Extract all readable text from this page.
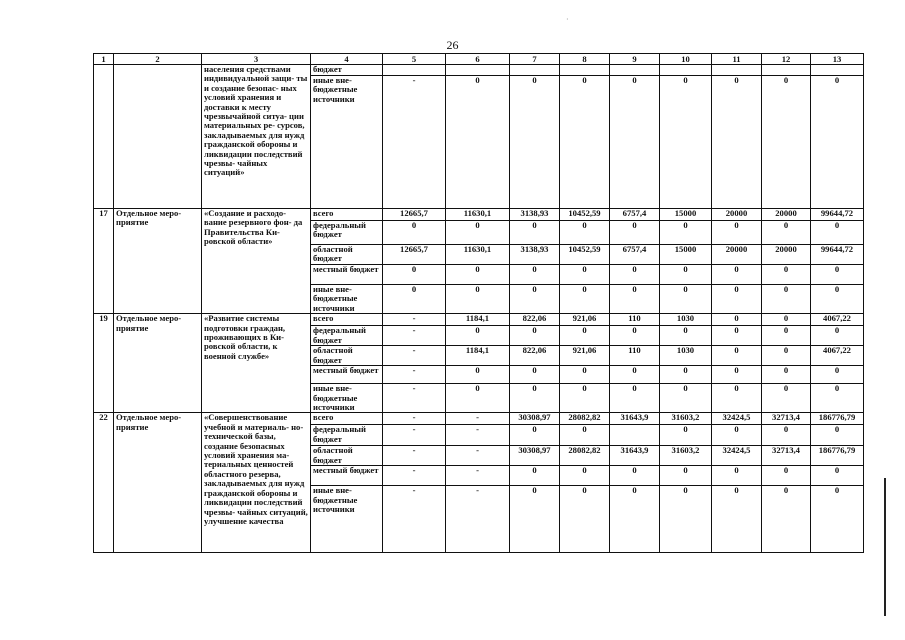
·
26
1	2	3	4	5	6	7	8	9	10	11	12	13
		населения средствами индивидуальной защи- ты и создание безопас- ных условий хранения и доставки к месту чрезвычайной ситуа- ции материальных ре- сурсов, закладываемых для нужд гражданской обороны и ликвидации последствий чрезвы- чайных ситуаций»	бюджет									
			иные вне- бюджетные источники	-	0	0	0	0	0	0	0	0
17	Отдельное меро- приятие	«Создание и расходо- вание резервного фон- да Правительства Ки- ровской области»	всего	12665,7	11630,1	3138,93	10452,59	6757,4	15000	20000	20000	99644,72
			федеральный бюджет	0	0	0	0	0	0	0	0	0
			областной бюджет	12665,7	11630,1	3138,93	10452,59	6757,4	15000	20000	20000	99644,72
			местный бюджет	0	0	0	0	0	0	0	0	0
			иные вне- бюджетные источники	0	0	0	0	0	0	0	0	0
19	Отдельное меро- приятие	«Развитие системы подготовки граждан, проживающих в Ки- ровской области, к военной службе»	всего	-	1184,1	822,06	921,06	110	1030	0	0	4067,22
			федеральный бюджет	-	0	0	0	0	0	0	0	0
			областной бюджет	-	1184,1	822,06	921,06	110	1030	0	0	4067,22
			местный бюджет	-	0	0	0	0	0	0	0	0
			иные вне- бюджетные источники	-	0	0	0	0	0	0	0	0
22	Отдельное меро- приятие	«Совершенствование учебной и материаль- но-технической базы, создание безопасных условий хранения ма- териальных ценностей областного резерва, закладываемых для нужд гражданской обороны и ликвидации последствий чрезвы- чайных ситуаций, улучшение качества	всего	-	-	30308,97	28082,82	31643,9	31603,2	32424,5	32713,4	186776,79
			федеральный бюджет	-	-	0	0		0	0	0	0
			областной бюджет	-	-	30308,97	28082,82	31643,9	31603,2	32424,5	32713,4	186776,79
			местный бюджет	-	-	0	0	0	0	0	0	0
			иные вне- бюджетные источники	-	-	0	0	0	0	0	0	0
